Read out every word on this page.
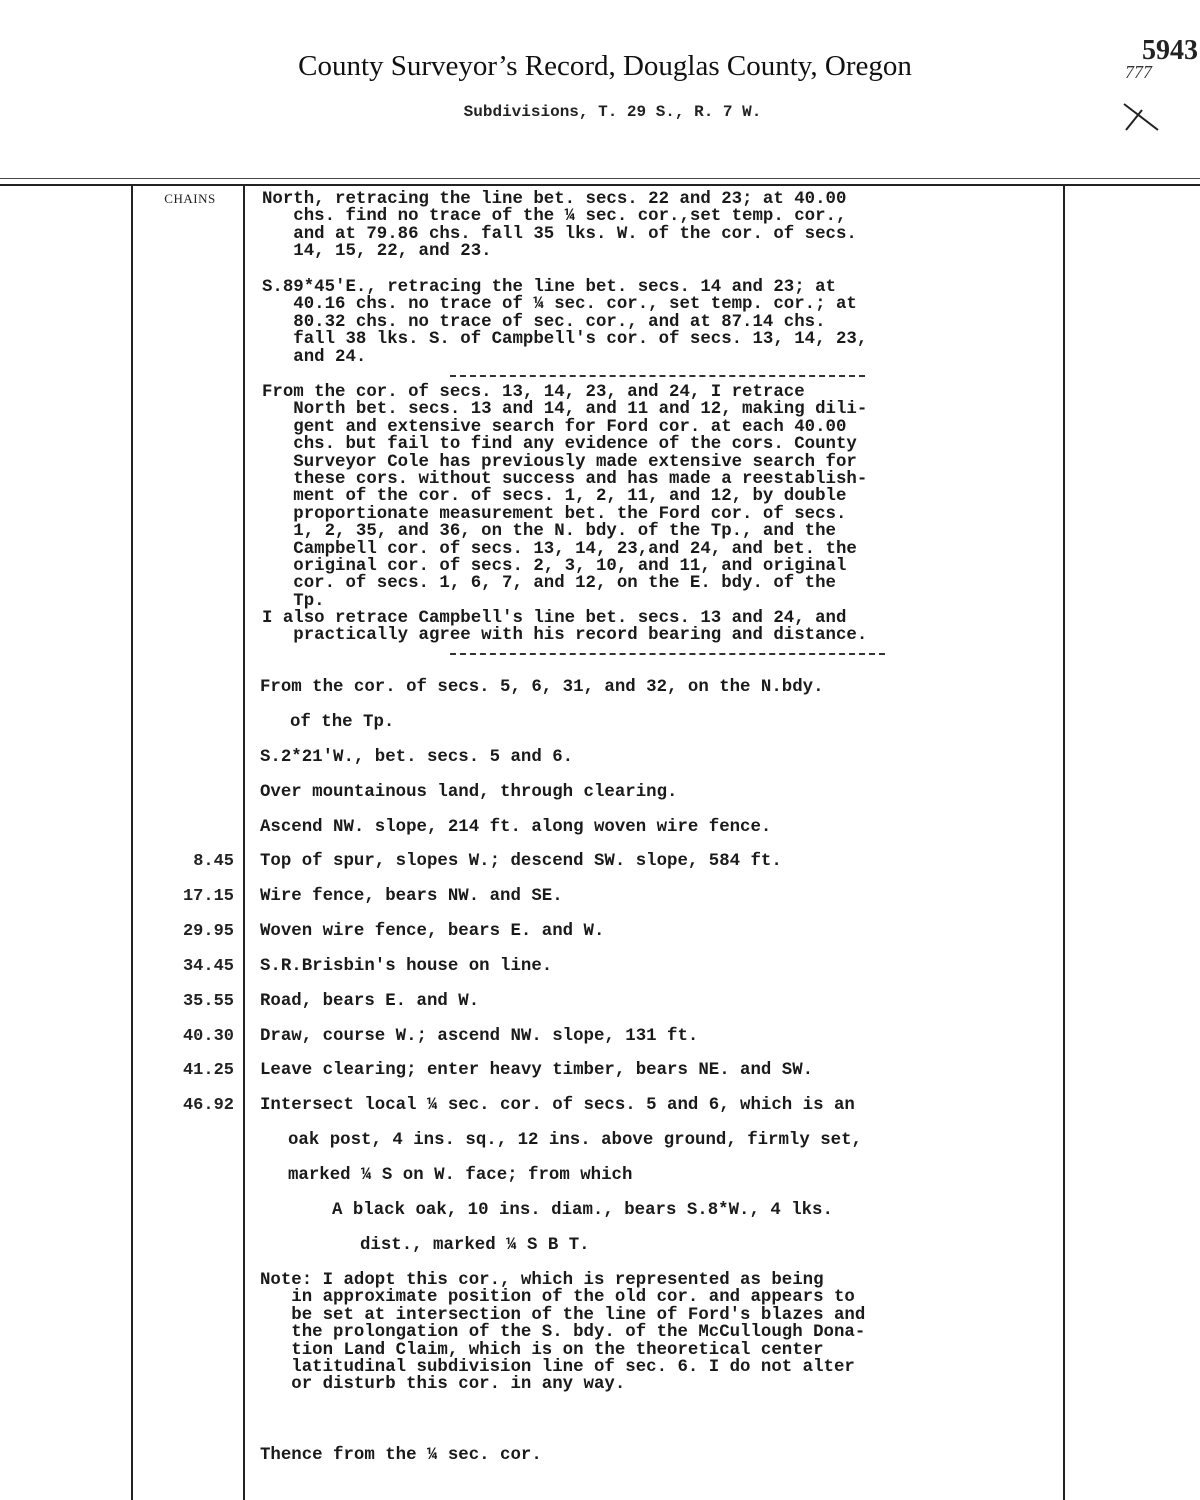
County Surveyor’s Record, Douglas County, Oregon
Subdivisions, T. 29 S., R. 7 W.
5943
777
CHAINS	North, retracing the line bet. secs. 22 and 23; at 40.00
chs. find no trace of the ¼ sec. cor.,set temp. cor.,
and at 79.86 chs. fall 35 lks. W. of the cor. of secs.
14, 15, 22, and 23.
S.89*45'E., retracing the line bet. secs. 14 and 23; at
40.16 chs. no trace of ¼ sec. cor., set temp. cor.; at
80.32 chs. no trace of sec. cor., and at 87.14 chs.
fall 38 lks. S. of Campbell's cor. of secs. 13, 14, 23,
and 24.
From the cor. of secs. 13, 14, 23, and 24, I retrace
North bet. secs. 13 and 14, and 11 and 12, making dili-
gent and extensive search for Ford cor. at each 40.00
chs. but fail to find any evidence of the cors. County
Surveyor Cole has previously made extensive search for
these cors. without success and has made a reestablish-
ment of the cor. of secs. 1, 2, 11, and 12, by double
proportionate measurement bet. the Ford cor. of secs.
1, 2, 35, and 36, on the N. bdy. of the Tp., and the
Campbell cor. of secs. 13, 14, 23,and 24, and bet. the
original cor. of secs. 2, 3, 10, and 11, and original
cor. of secs. 1, 6, 7, and 12, on the E. bdy. of the
Tp.
I also retrace Campbell's line bet. secs. 13 and 24, and
practically agree with his record bearing and distance.
From the cor. of secs. 5, 6, 31, and 32, on the N.bdy.
of the Tp.
S.2*21'W., bet. secs. 5 and 6.
Over mountainous land, through clearing.
Ascend NW. slope, 214 ft. along woven wire fence.
Top of spur, slopes W.; descend SW. slope, 584 ft.
Wire fence, bears NW. and SE.
Woven wire fence, bears E. and W.
S.R.Brisbin's house on line.
Road, bears E. and W.
Draw, course W.; ascend NW. slope, 131 ft.
Leave clearing; enter heavy timber, bears NE. and SW.
Intersect local ¼ sec. cor. of secs. 5 and 6, which is an
oak post, 4 ins. sq., 12 ins. above ground, firmly set,
marked ¼ S on W. face; from which
A black oak, 10 ins. diam., bears S.8*W., 4 lks.
dist., marked ¼ S B T.
Note: I adopt this cor., which is represented as being
in approximate position of the old cor. and appears to
be set at intersection of the line of Ford's blazes and
the prolongation of the S. bdy. of the McCullough Dona-
tion Land Claim, which is on the theoretical center
latitudinal subdivision line of sec. 6. I do not alter
or disturb this cor. in any way.
Thence from the ¼ sec. cor.
8.45
17.15
29.95
34.45
35.55
40.30
41.25
46.92
